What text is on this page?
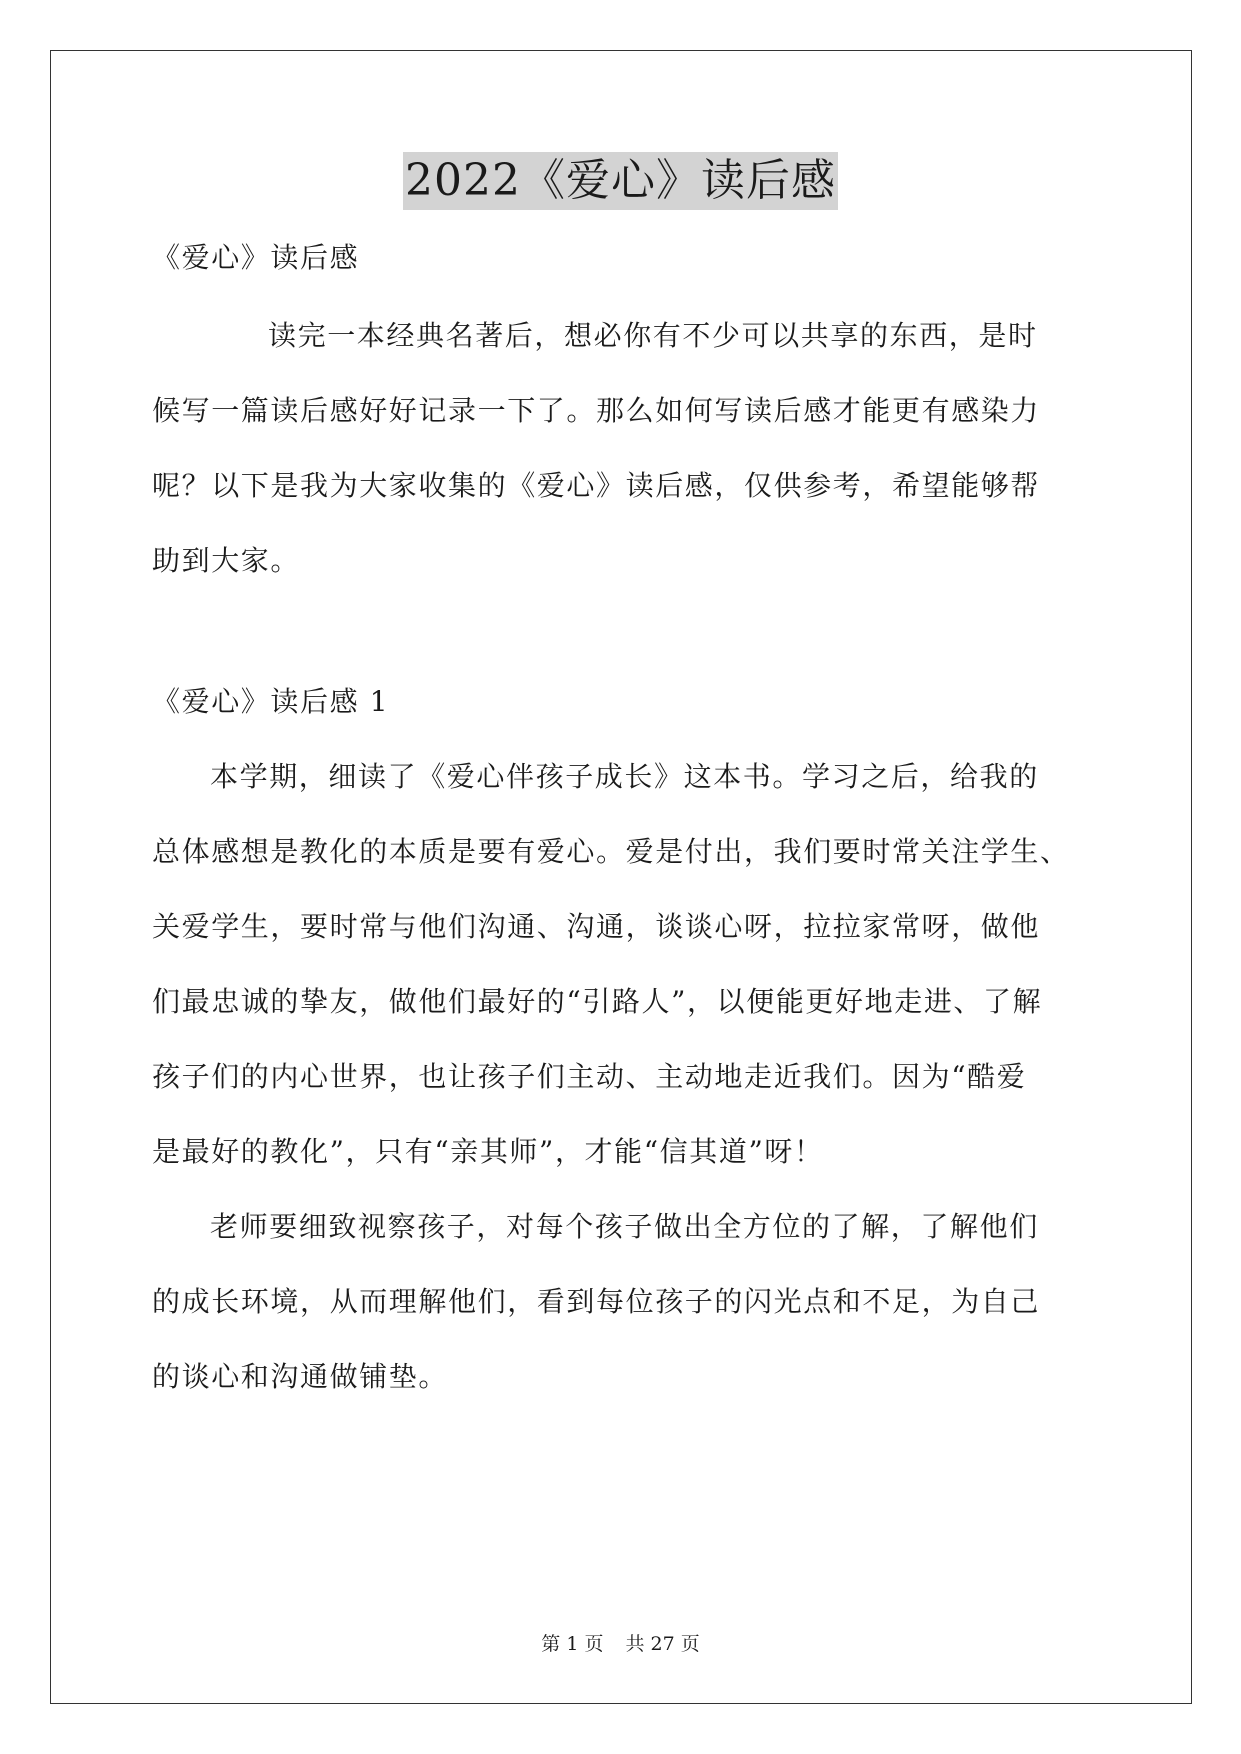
2022《爱心》读后感
《爱心》读后感
读完一本经典名著后，想必你有不少可以共享的东西，是时
候写一篇读后感好好记录一下了。那么如何写读后感才能更有感染力
呢？以下是我为大家收集的《爱心》读后感，仅供参考，希望能够帮
助到大家。
《爱心》读后感 1
本学期，细读了《爱心伴孩子成长》这本书。学习之后，给我的
总体感想是教化的本质是要有爱心。爱是付出，我们要时常关注学生、
关爱学生，要时常与他们沟通、沟通，谈谈心呀，拉拉家常呀，做他
们最忠诚的挚友，做他们最好的“引路人”，以便能更好地走进、了解
孩子们的内心世界，也让孩子们主动、主动地走近我们。因为“酷爱
是最好的教化”，只有“亲其师”，才能“信其道”呀！
老师要细致视察孩子，对每个孩子做出全方位的了解，了解他们
的成长环境，从而理解他们，看到每位孩子的闪光点和不足，为自己
的谈心和沟通做铺垫。
第 1 页 共 27 页
